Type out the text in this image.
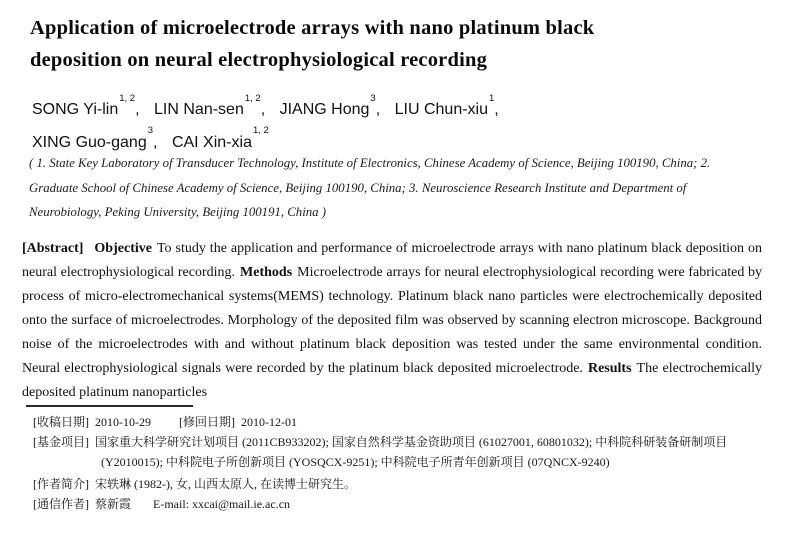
Application of microelectrode arrays with nano platinum black
deposition on neural electrophysiological recording
SONG Yi-lin$^{1, 2}$, LIN Nan-sen$^{1, 2}$, JIANG Hong$^3$, LIU Chun-xiu$^1$,
XING Guo-gang$^3$, CAI Xin-xia$^{1, 2}$
( 1. State Key Laboratory of Transducer Technology, Institute of Electronics, Chinese Academy of Science, Beijing 100190, China; 2. Graduate School of Chinese Academy of Science, Beijing 100190, China; 3. Neuroscience Research Institute and Department of Neurobiology, Peking University, Beijing 100191, China )
[Abstract] Objective To study the application and performance of microelectrode arrays with nano platinum black deposition on neural electrophysiological recording. Methods Microelectrode arrays for neural electrophysiological recording were fabricated by process of micro-electromechanical systems(MEMS) technology. Platinum black nano particles were electrochemically deposited onto the surface of microelectrodes. Morphology of the deposited film was observed by scanning electron microscope. Background noise of the microelectrodes with and without platinum black deposition was tested under the same environmental condition. Neural electrophysiological signals were recorded by the platinum black deposited microelectrode. Results The electrochemically deposited platinum nanoparticles
[收稿日期] 2010-10-29 [修回日期] 2010-12-01
[基金项目] 国家重大科学研究计划项目 (2011CB933202); 国家自然科学基金资助项目 (61027001, 60801032); 中科院科研装备研制项目
(Y2010015); 中科院电子所创新项目 (YOSQCX-9251); 中科院电子所青年创新项目 (07QNCX-9240)
[作者简介] 宋轶琳 (1982-), 女, 山西太原人, 在读博士研究生。
[通信作者] 蔡新霞 E-mail: xxcai@mail.ie.ac.cn
